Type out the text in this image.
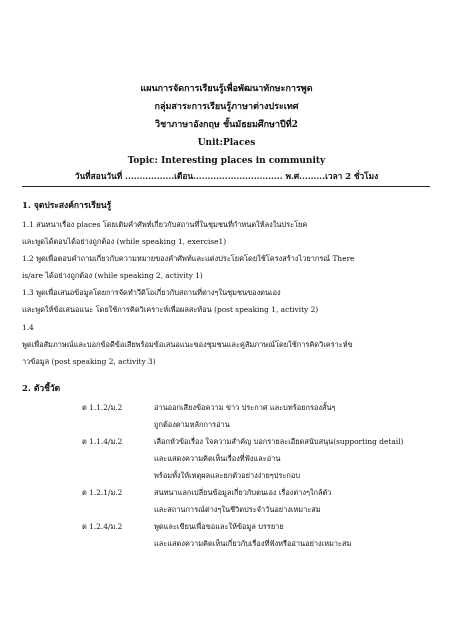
แผนการจัดการเรียนรู้เพื่อพัฒนาทักษะการพูด
กลุ่มสาระการเรียนรู้ภาษาต่างประเทศ
วิชาภาษาอังกฤษ ชั้นมัธยมศึกษาปีที่2
Unit:Places
Topic: Interesting places in community
วันที่สอนวันที่ .................เดือน............................... พ.ศ.........เวลา 2 ชั่วโมง
1. จุดประสงค์การเรียนรู้
1.1 สนทนาเรื่อง places โดยเติมคำศัพท์เกี่ยวกับสถานที่ในชุมชนที่กำหนดให้ลงในประโยค
และพูดได้ตอบได้อย่างถูกต้อง (while speaking 1, exercise1)
1.2 พูดเพื่อตอบคำถามเกี่ยวกับความหมายของคำศัพท์และแต่งประโยคโดยใช้โครงสร้างไวยากรณ์ There
is/are ได้อย่างถูกต้อง (while speaking 2, activity 1)
1.3 พูดเพื่อเสนอข้อมูลโดยการจัดทำวีดิโอเกี่ยวกับสถานที่ต่างๆในชุมชนของตนเอง
และพูดให้ข้อเสนอแนะ โดยใช้การคิดวิเคราะห์เพื่อผลสะท้อน (post speaking 1, activity 2)
1.4
พูดเพื่อสัมภาษณ์และบอกข้อดีข้อเสียพร้อมข้อเสนอแนะของชุมชนและคู่สัมภาษณ์โดยใช้การคิดวิเคราะห์ข
าวข้อมูล (post speaking 2, activity 3)
2. ตัวชี้วัด
ต 1.1.2/ม.2	อ่านออกเสียงข้อความ ข่าว ประกาศ และบทร้อยกรองสั้นๆ
ถูกต้องตามหลักการอ่าน
ต 1.1.4/ม.2	เลือกหัวข้อเรื่อง ใจความสำคัญ บอกรายละเอียดสนับสนุน(supporting detail)
และแสดงความคิดเห็นเรื่องที่ฟังและอ่าน
พร้อมทั้งให้เหตุผลและยกตัวอย่างง่ายๆประกอบ
ต 1.2.1/ม.2	สนทนาแลกเปลี่ยนข้อมูลเกี่ยวกับตนเอง เรื่องต่างๆใกล้ตัว
และสถานการณ์ต่างๆในชีวิตประจำวันอย่างเหมาะสม
ต 1.2.4/ม.2	พูดและเขียนเพื่อขอและให้ข้อมูล บรรยาย
และแสดงความคิดเห็นเกี่ยวกับเรื่องที่ฟังหรืออ่านอย่างเหมาะสม
